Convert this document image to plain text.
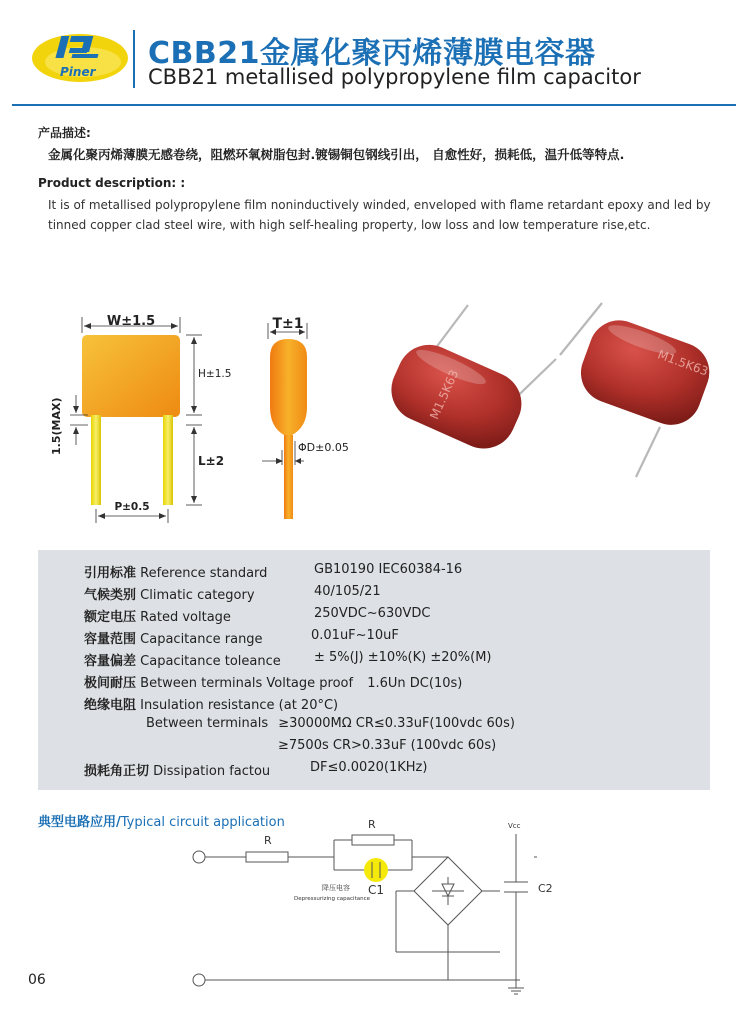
Piner
CBB21金属化聚丙烯薄膜电容器
CBB21 metallised polypropylene film capacitor
产品描述:
金属化聚丙烯薄膜无感卷绕，阻燃环氧树脂包封.镀锡铜包钢线引出， 自愈性好，损耗低，温升低等特点.
Product description: :
It is of metallised polypropylene film noninductively winded, enveloped with flame retardant epoxy and led by tinned copper clad steel wire, with high self-healing property, low loss and low temperature rise,etc.
W±1.5
H±1.5
L±2
1.5(MAX)
P±0.5
T±1
ΦD±0.05
M1.5K63
M1.5K63
引用标准 Reference standard	GB10190 IEC60384-16
气候类别 Climatic category	40/105/21
额定电压 Rated voltage	250VDC~630VDC
容量范围 Capacitance range	0.01uF~10uF
容量偏差 Capacitance toleance	± 5%(J) ±10%(K) ±20%(M)
极间耐压 Between terminals Voltage proof 1.6Un DC(10s)
绝缘电阻 Insulation resistance (at 20°C)
Between terminals ≥30000MΩ CR≤0.33uF(100vdc 60s)
≥7500s CR>0.33uF (100vdc 60s)
损耗角正切 Dissipation factou	DF≤0.0020(1KHz)
典型电路应用/Typical circuit application
R
R
C1
降压电容
Depressurizing capacitance
Vcc
C2
06
